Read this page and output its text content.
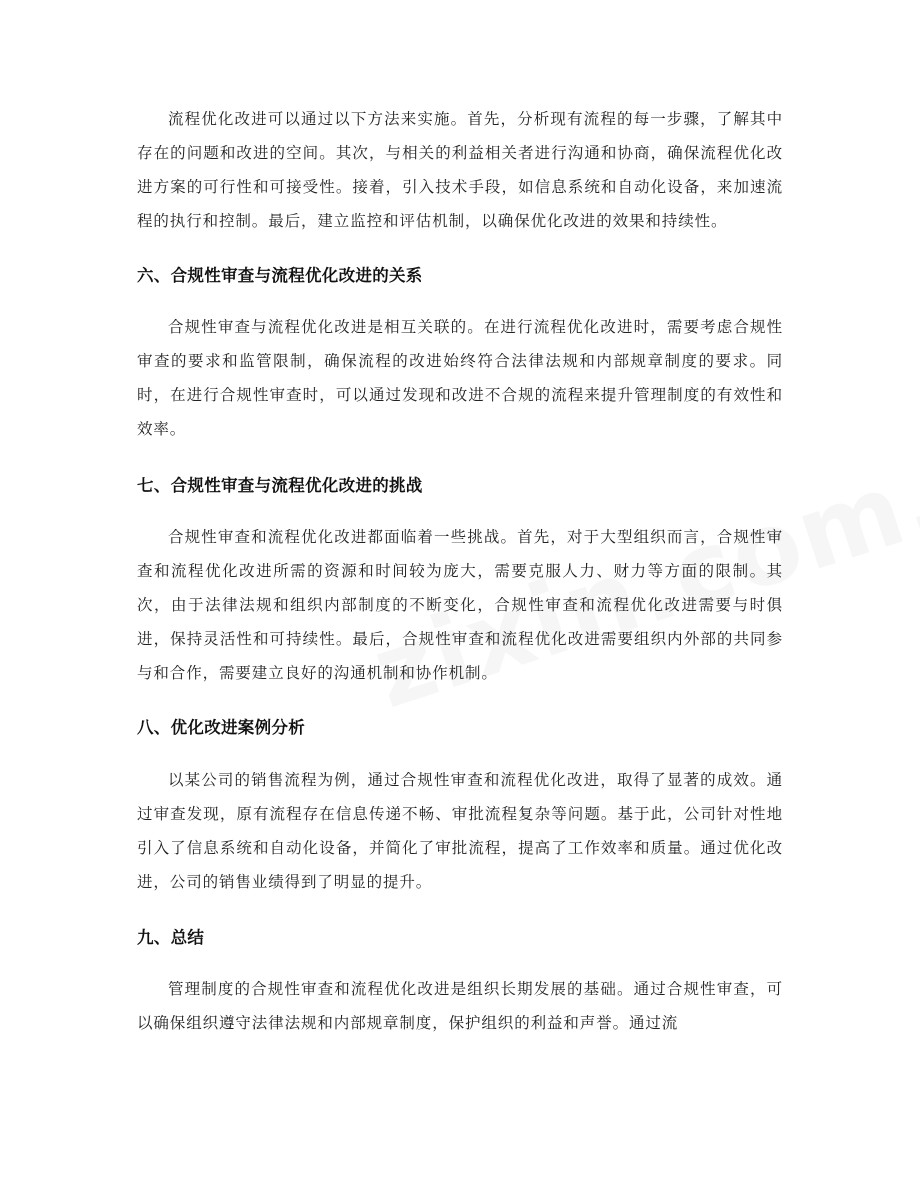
流程优化改进可以通过以下方法来实施。首先，分析现有流程的每一步骤，了解其中存在的问题和改进的空间。其次，与相关的利益相关者进行沟通和协商，确保流程优化改进方案的可行性和可接受性。接着，引入技术手段，如信息系统和自动化设备，来加速流程的执行和控制。最后，建立监控和评估机制，以确保优化改进的效果和持续性。

六、合规性审查与流程优化改进的关系

合规性审查与流程优化改进是相互关联的。在进行流程优化改进时，需要考虑合规性审查的要求和监管限制，确保流程的改进始终符合法律法规和内部规章制度的要求。同时，在进行合规性审查时，可以通过发现和改进不合规的流程来提升管理制度的有效性和效率。

七、合规性审查与流程优化改进的挑战

合规性审查和流程优化改进都面临着一些挑战。首先，对于大型组织而言，合规性审查和流程优化改进所需的资源和时间较为庞大，需要克服人力、财力等方面的限制。其次，由于法律法规和组织内部制度的不断变化，合规性审查和流程优化改进需要与时俱进，保持灵活性和可持续性。最后，合规性审查和流程优化改进需要组织内外部的共同参与和合作，需要建立良好的沟通机制和协作机制。

八、优化改进案例分析

以某公司的销售流程为例，通过合规性审查和流程优化改进，取得了显著的成效。通过审查发现，原有流程存在信息传递不畅、审批流程复杂等问题。基于此，公司针对性地引入了信息系统和自动化设备，并简化了审批流程，提高了工作效率和质量。通过优化改进，公司的销售业绩得到了明显的提升。

九、总结

管理制度的合规性审查和流程优化改进是组织长期发展的基础。通过合规性审查，可以确保组织遵守法律法规和内部规章制度，保护组织的利益和声誉。通过流
